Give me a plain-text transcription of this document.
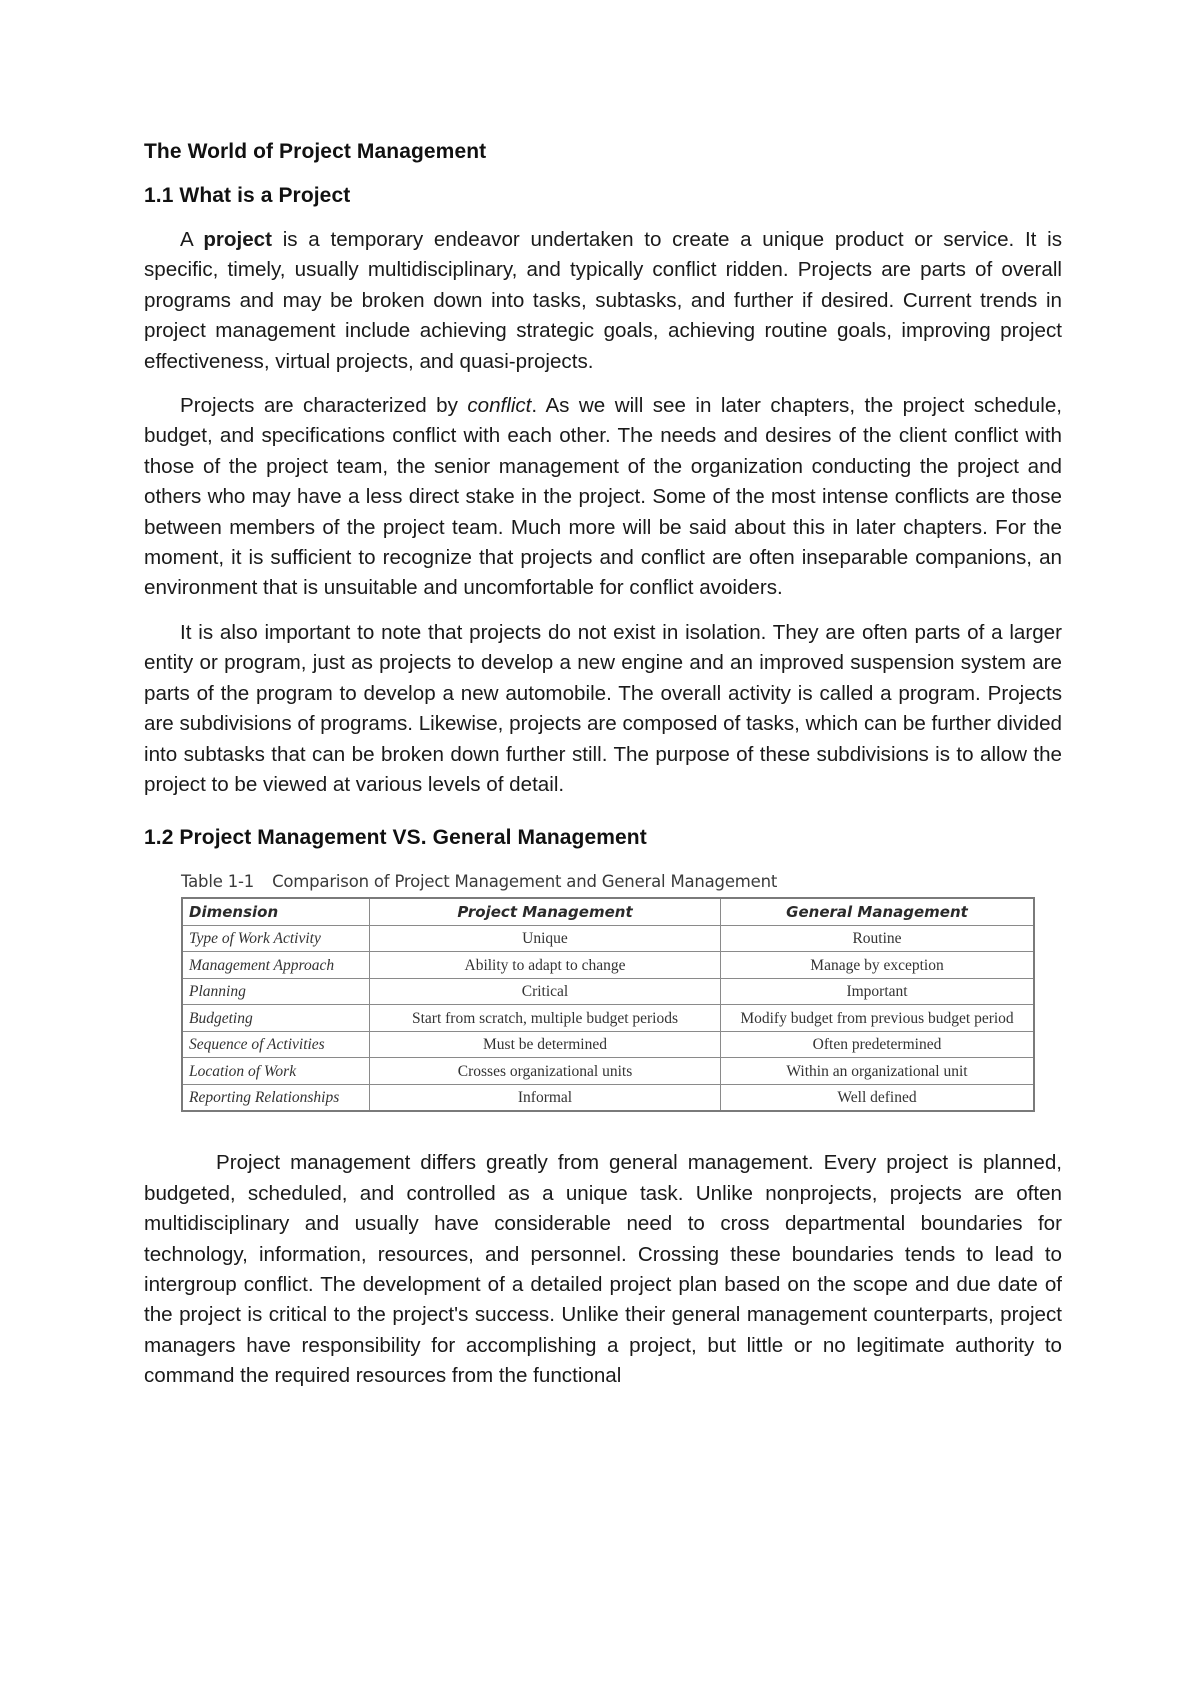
The World of Project Management
1.1 What is a Project

A project is a temporary endeavor undertaken to create a unique product or service. It is specific, timely, usually multidisciplinary, and typically conflict ridden. Projects are parts of overall programs and may be broken down into tasks, subtasks, and further if desired. Current trends in project management include achieving strategic goals, achieving routine goals, improving project effectiveness, virtual projects, and quasi-projects.

Projects are characterized by conflict. As we will see in later chapters, the project schedule, budget, and specifications conflict with each other. The needs and desires of the client conflict with those of the project team, the senior management of the organization conducting the project and others who may have a less direct stake in the project. Some of the most intense conflicts are those between members of the project team. Much more will be said about this in later chapters. For the moment, it is sufficient to recognize that projects and conflict are often inseparable companions, an environment that is unsuitable and uncomfortable for conflict avoiders.

It is also important to note that projects do not exist in isolation. They are often parts of a larger entity or program, just as projects to develop a new engine and an improved suspension system are parts of the program to develop a new automobile. The overall activity is called a program. Projects are subdivisions of programs. Likewise, projects are composed of tasks, which can be further divided into subtasks that can be broken down further still. The purpose of these subdivisions is to allow the project to be viewed at various levels of detail.

1.2 Project Management VS. General Management
Table 1-1 Comparison of Project Management and General Management
Dimension	Project Management	General Management
Type of Work Activity	Unique	Routine
Management Approach	Ability to adapt to change	Manage by exception
Planning	Critical	Important
Budgeting	Start from scratch, multiple budget periods	Modify budget from previous budget period
Sequence of Activities	Must be determined	Often predetermined
Location of Work	Crosses organizational units	Within an organizational unit
Reporting Relationships	Informal	Well defined

Project management differs greatly from general management. Every project is planned, budgeted, scheduled, and controlled as a unique task. Unlike nonprojects, projects are often multidisciplinary and usually have considerable need to cross departmental boundaries for technology, information, resources, and personnel. Crossing these boundaries tends to lead to intergroup conflict. The development of a detailed project plan based on the scope and due date of the project is critical to the project's success. Unlike their general management counterparts, project managers have responsibility for accomplishing a project, but little or no legitimate authority to command the required resources from the functional
